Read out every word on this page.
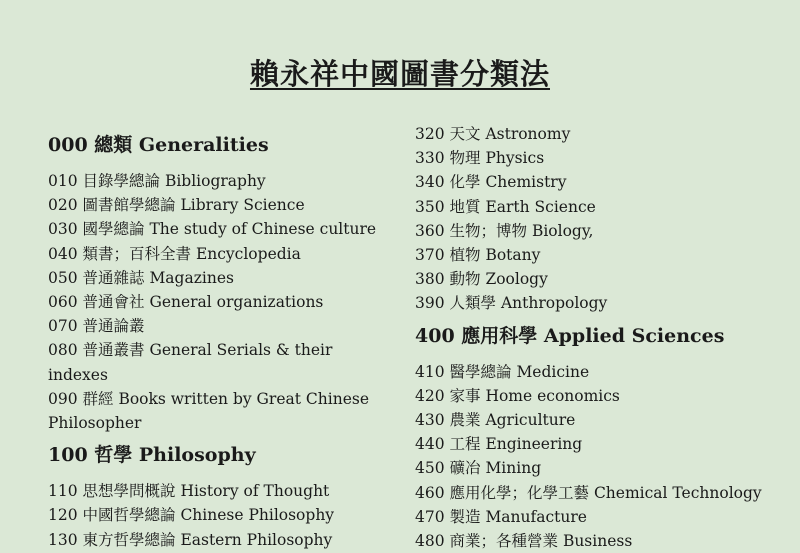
賴永祥中國圖書分類法
000 總類 Generalities
010 目錄學總論 Bibliography
020 圖書館學總論 Library Science
030 國學總論 The study of Chinese culture
040 類書；百科全書 Encyclopedia
050 普通雜誌 Magazines
060 普通會社 General organizations
070 普通論叢
080 普通叢書 General Serials & their indexes
090 群經 Books written by Great Chinese Philosopher
100 哲學 Philosophy
110 思想學問概說 History of Thought
120 中國哲學總論 Chinese Philosophy
130 東方哲學總論 Eastern Philosophy
320 天文 Astronomy
330 物理 Physics
340 化學 Chemistry
350 地質 Earth Science
360 生物；博物 Biology,
370 植物 Botany
380 動物 Zoology
390 人類學 Anthropology
400 應用科學 Applied Sciences
410 醫學總論 Medicine
420 家事 Home economics
430 農業 Agriculture
440 工程 Engineering
450 礦冶 Mining
460 應用化學；化學工藝 Chemical Technology
470 製造 Manufacture
480 商業；各種營業 Business
